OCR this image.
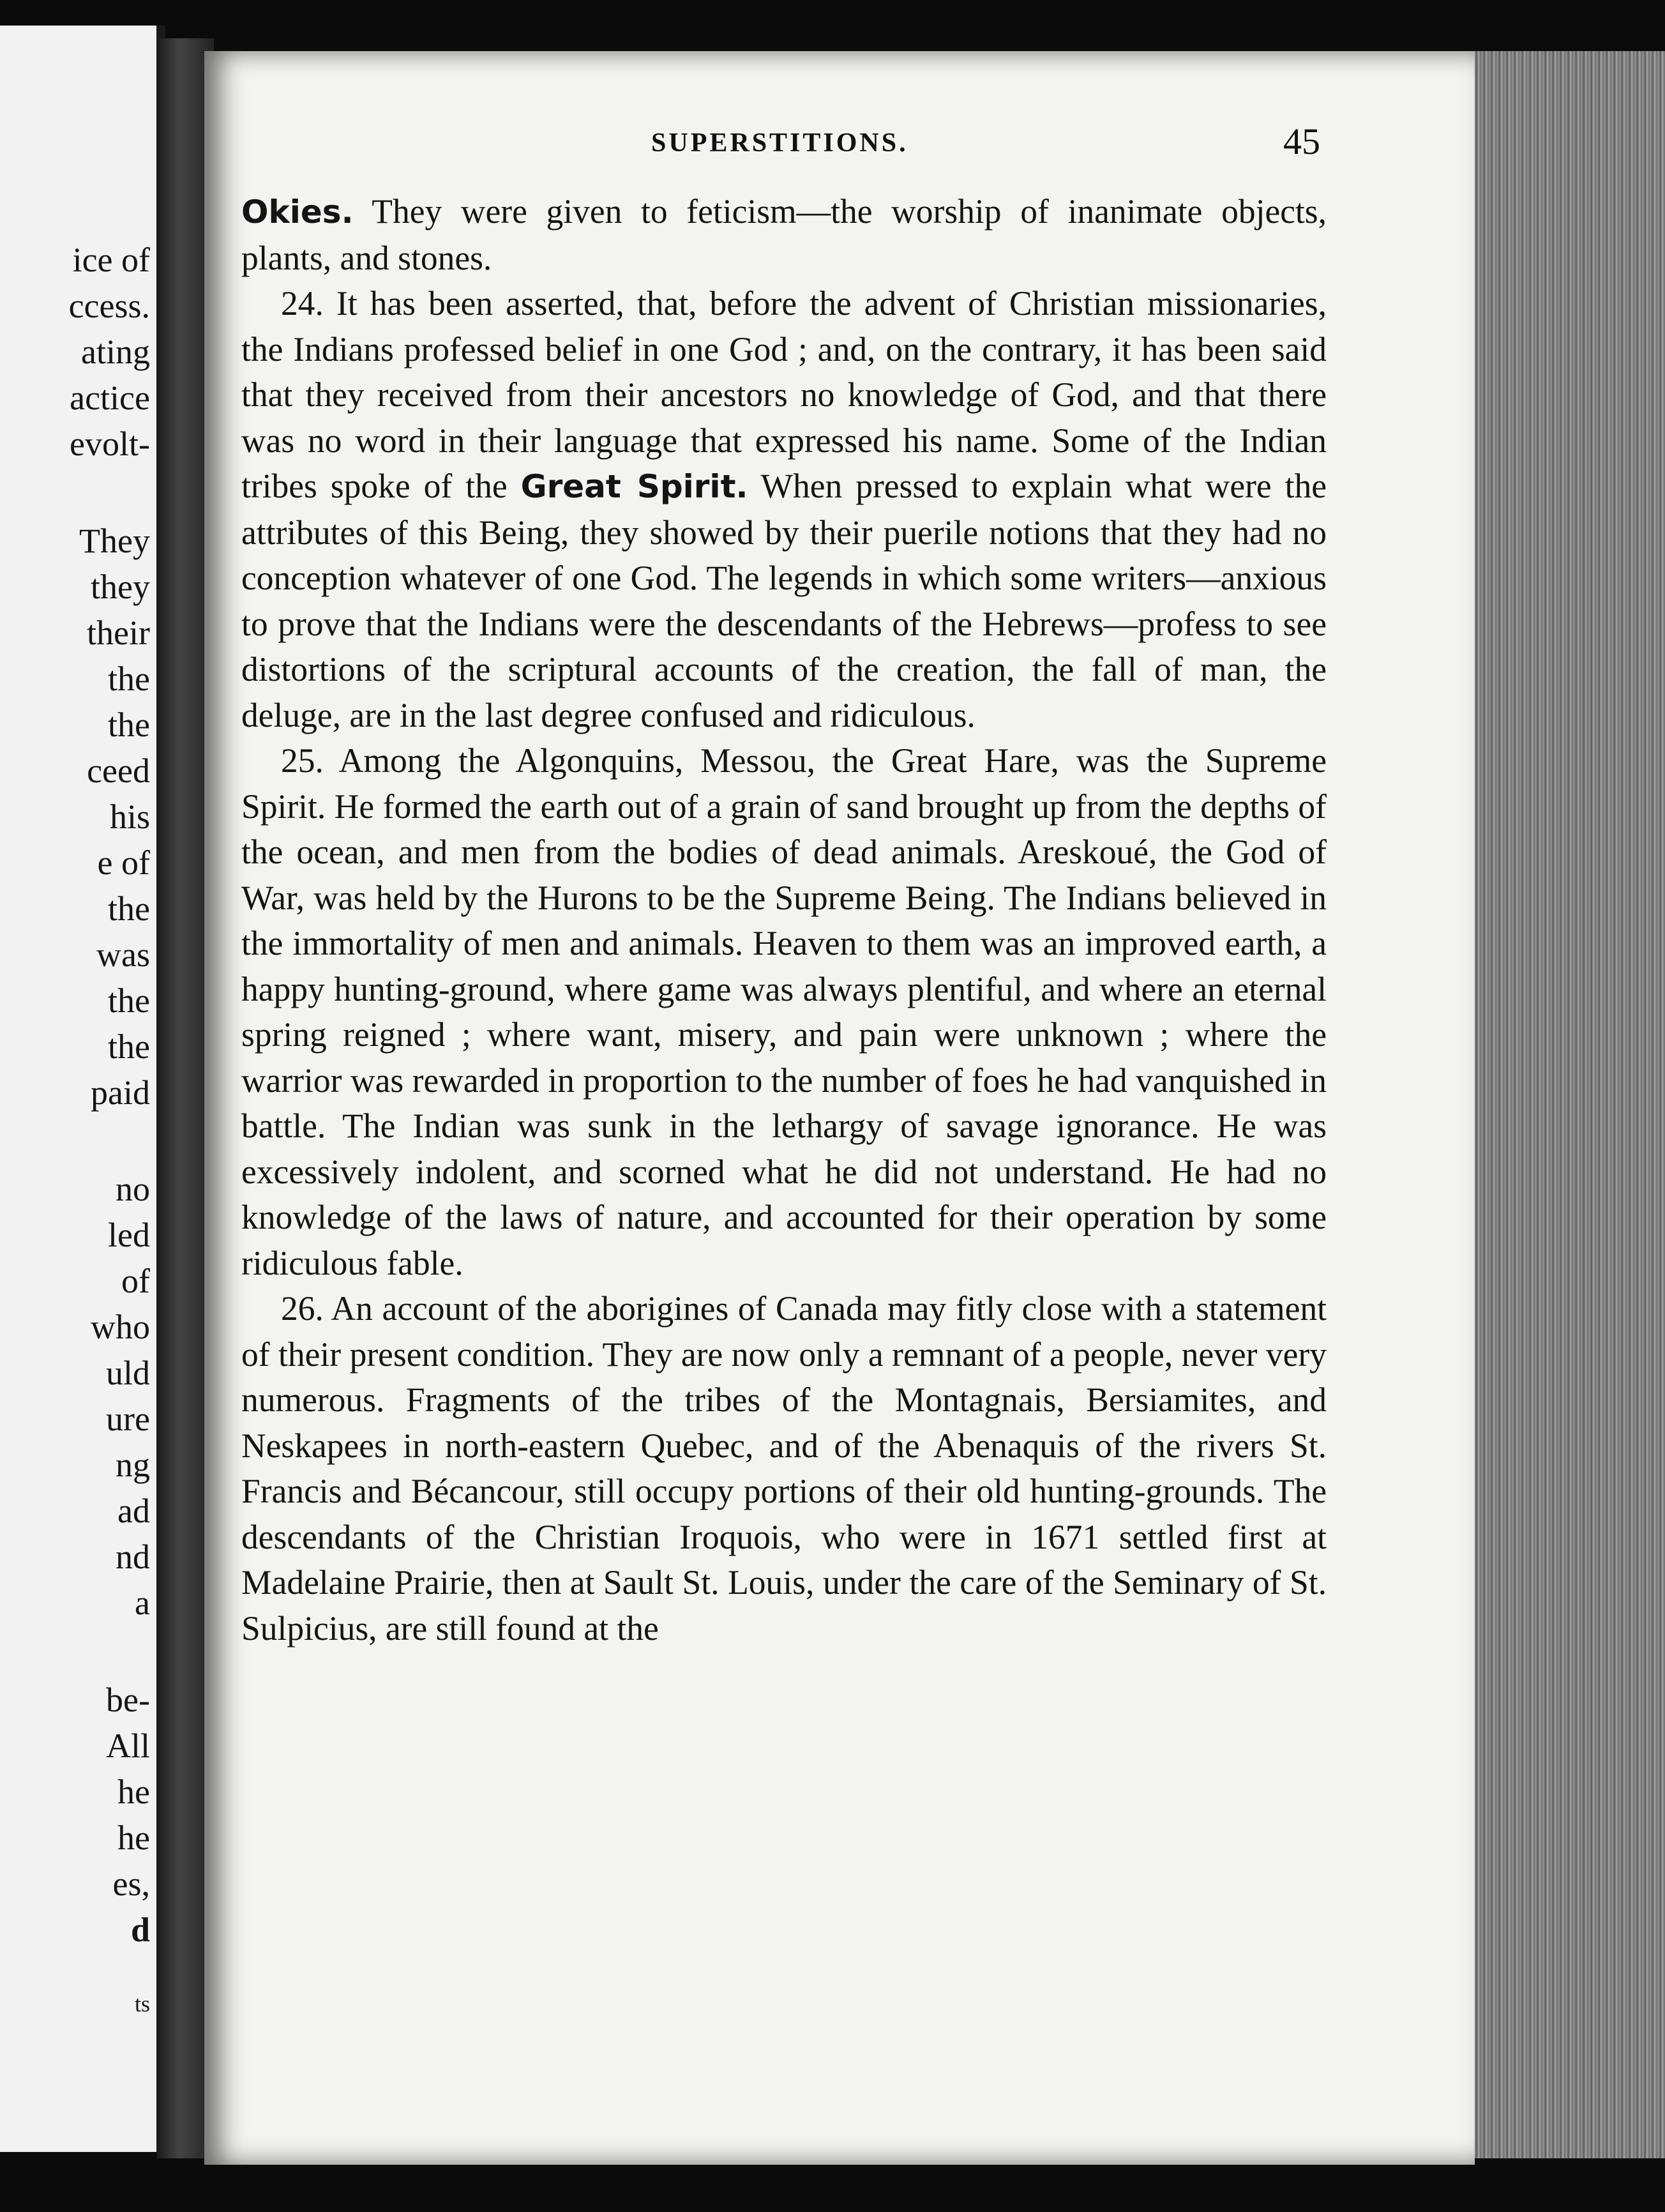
ice of

ccess.

ating

actice

evolt-

They

they

their

the

the

ceed

his

e of

the

was

the

the

paid

no

led

of

who

uld

ure

ng

ad

nd

a

be-

All

he

he

es,

d

ts

SUPERSTITIONS.	45

Okies. They were given to feticism—the worship of inanimate objects, plants, and stones.

24. It has been asserted, that, before the advent of Christian missionaries, the Indians professed belief in one God ; and, on the contrary, it has been said that they received from their ancestors no knowledge of God, and that there was no word in their language that expressed his name. Some of the Indian tribes spoke of the Great Spirit. When pressed to explain what were the attributes of this Being, they showed by their puerile notions that they had no conception whatever of one God. The legends in which some writers—anxious to prove that the Indians were the descendants of the Hebrews—profess to see distortions of the scriptural accounts of the creation, the fall of man, the deluge, are in the last degree confused and ridiculous.

25. Among the Algonquins, Messou, the Great Hare, was the Supreme Spirit. He formed the earth out of a grain of sand brought up from the depths of the ocean, and men from the bodies of dead animals. Areskoué, the God of War, was held by the Hurons to be the Supreme Being. The Indians believed in the immortality of men and animals. Heaven to them was an improved earth, a happy hunting-ground, where game was always plentiful, and where an eternal spring reigned ; where want, misery, and pain were unknown ; where the warrior was rewarded in proportion to the number of foes he had vanquished in battle. The Indian was sunk in the lethargy of savage ignorance. He was excessively indolent, and scorned what he did not understand. He had no knowledge of the laws of nature, and accounted for their operation by some ridiculous fable.

26. An account of the aborigines of Canada may fitly close with a statement of their present condition. They are now only a remnant of a people, never very numerous. Fragments of the tribes of the Montagnais, Bersiamites, and Neskapees in north-eastern Quebec, and of the Abenaquis of the rivers St. Francis and Bécancour, still occupy portions of their old hunting-grounds. The descendants of the Christian Iroquois, who were in 1671 settled first at Madelaine Prairie, then at Sault St. Louis, under the care of the Seminary of St. Sulpicius, are still found at the
